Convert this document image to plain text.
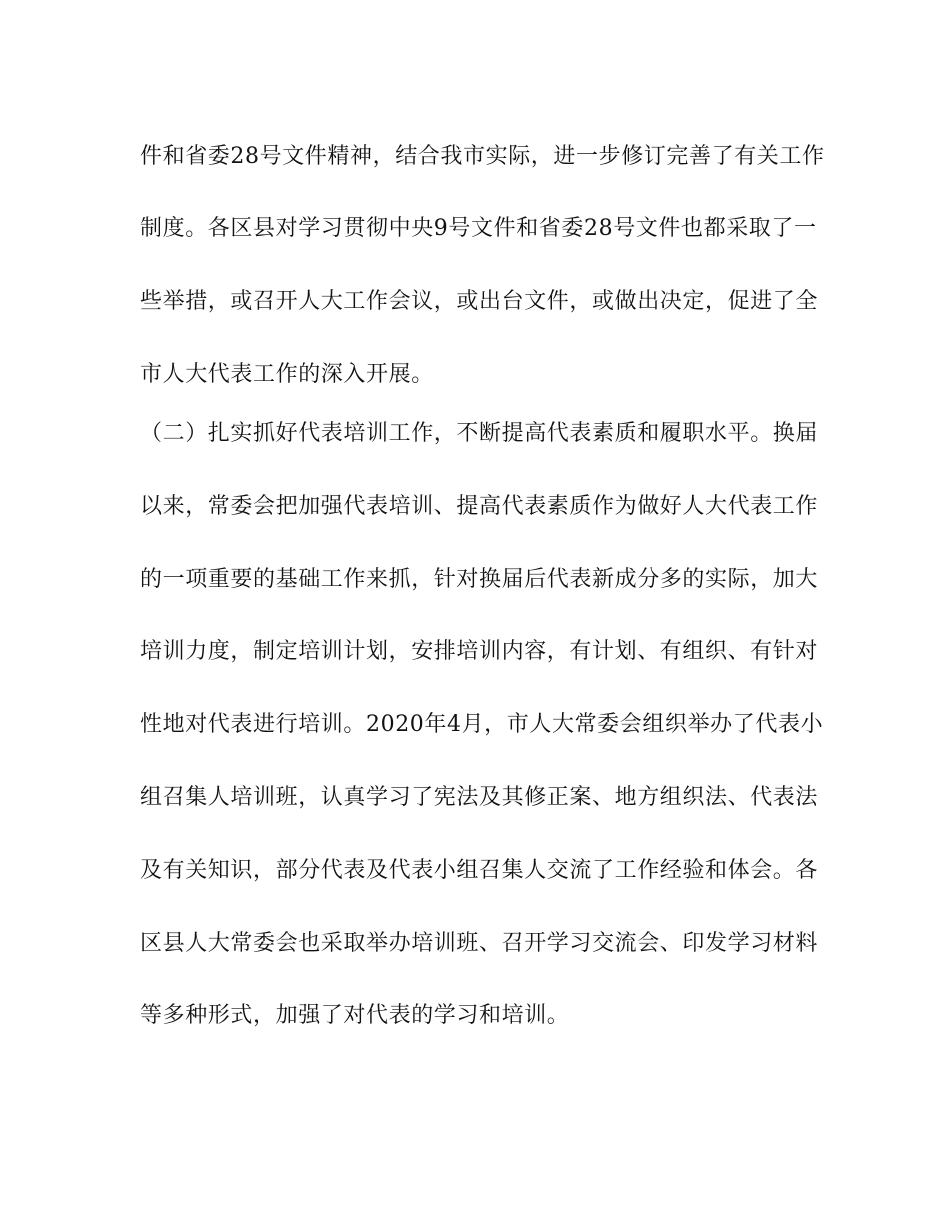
件和省委28号文件精神，结合我市实际，进一步修订完善了有关工作
制度。各区县对学习贯彻中央9号文件和省委28号文件也都采取了一
些举措，或召开人大工作会议，或出台文件，或做出决定，促进了全
市人大代表工作的深入开展。
（二）扎实抓好代表培训工作，不断提高代表素质和履职水平。换届
以来，常委会把加强代表培训、提高代表素质作为做好人大代表工作
的一项重要的基础工作来抓，针对换届后代表新成分多的实际，加大
培训力度，制定培训计划，安排培训内容，有计划、有组织、有针对
性地对代表进行培训。2020年4月，市人大常委会组织举办了代表小
组召集人培训班，认真学习了宪法及其修正案、地方组织法、代表法
及有关知识，部分代表及代表小组召集人交流了工作经验和体会。各
区县人大常委会也采取举办培训班、召开学习交流会、印发学习材料
等多种形式，加强了对代表的学习和培训。
